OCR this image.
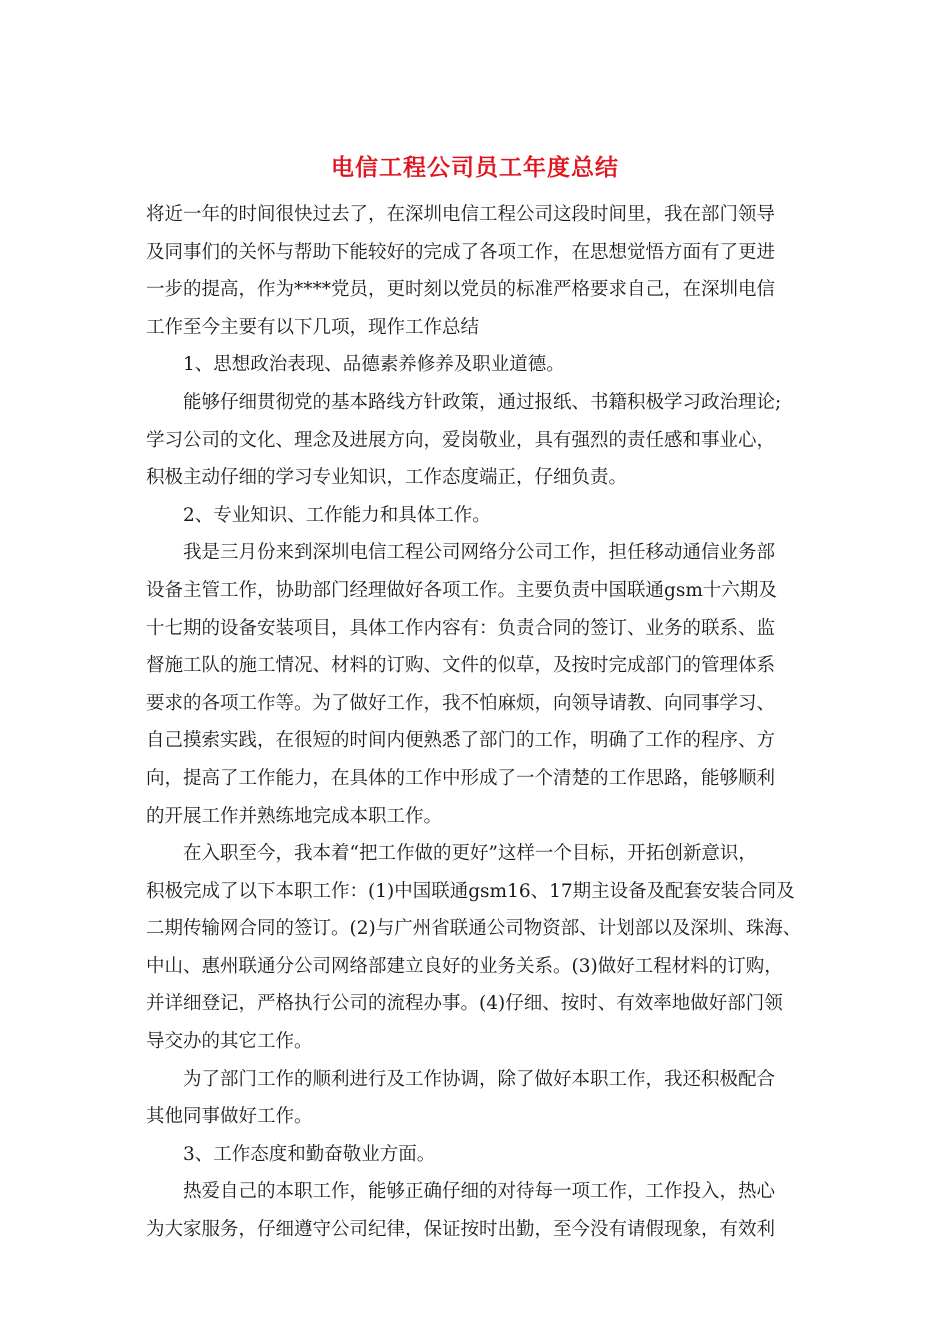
电信工程公司员工年度总结
将近一年的时间很快过去了，在深圳电信工程公司这段时间里，我在部门领导
及同事们的关怀与帮助下能较好的完成了各项工作，在思想觉悟方面有了更进
一步的提高，作为****党员，更时刻以党员的标准严格要求自己，在深圳电信
工作至今主要有以下几项，现作工作总结
1、思想政治表现、品德素养修养及职业道德。
能够仔细贯彻党的基本路线方针政策，通过报纸、书籍积极学习政治理论;
学习公司的文化、理念及进展方向，爱岗敬业，具有强烈的责任感和事业心，
积极主动仔细的学习专业知识，工作态度端正，仔细负责。
2、专业知识、工作能力和具体工作。
我是三月份来到深圳电信工程公司网络分公司工作，担任移动通信业务部
设备主管工作，协助部门经理做好各项工作。主要负责中国联通gsm十六期及
十七期的设备安装项目，具体工作内容有：负责合同的签订、业务的联系、监
督施工队的施工情况、材料的订购、文件的似草，及按时完成部门的管理体系
要求的各项工作等。为了做好工作，我不怕麻烦，向领导请教、向同事学习、
自己摸索实践，在很短的时间内便熟悉了部门的工作，明确了工作的程序、方
向，提高了工作能力，在具体的工作中形成了一个清楚的工作思路，能够顺利
的开展工作并熟练地完成本职工作。
在入职至今，我本着“把工作做的更好”这样一个目标，开拓创新意识，
积极完成了以下本职工作：(1)中国联通gsm16、17期主设备及配套安装合同及
二期传输网合同的签订。(2)与广州省联通公司物资部、计划部以及深圳、珠海、
中山、惠州联通分公司网络部建立良好的业务关系。(3)做好工程材料的订购，
并详细登记，严格执行公司的流程办事。(4)仔细、按时、有效率地做好部门领
导交办的其它工作。
为了部门工作的顺利进行及工作协调，除了做好本职工作，我还积极配合
其他同事做好工作。
3、工作态度和勤奋敬业方面。
热爱自己的本职工作，能够正确仔细的对待每一项工作，工作投入，热心
为大家服务，仔细遵守公司纪律，保证按时出勤，至今没有请假现象，有效利
